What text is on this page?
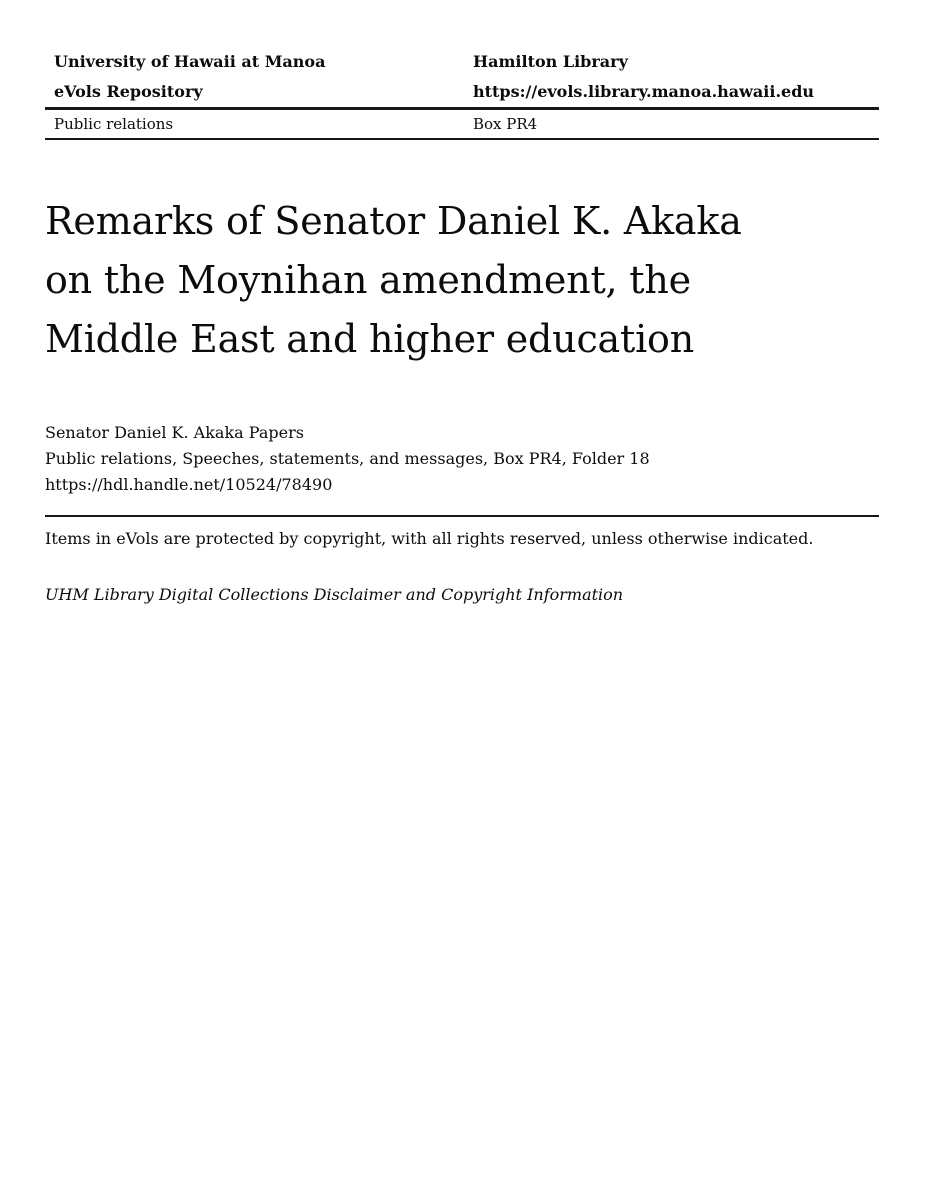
University of Hawaii at Manoa	Hamilton Library
eVols Repository	https://evols.library.manoa.hawaii.edu
Public relations	Box PR4
Remarks of Senator Daniel K. Akaka
on the Moynihan amendment, the
Middle East and higher education
Senator Daniel K. Akaka Papers
Public relations, Speeches, statements, and messages, Box PR4, Folder 18
https://hdl.handle.net/10524/78490

Items in eVols are protected by copyright, with all rights reserved, unless otherwise indicated.

UHM Library Digital Collections Disclaimer and Copyright Information
